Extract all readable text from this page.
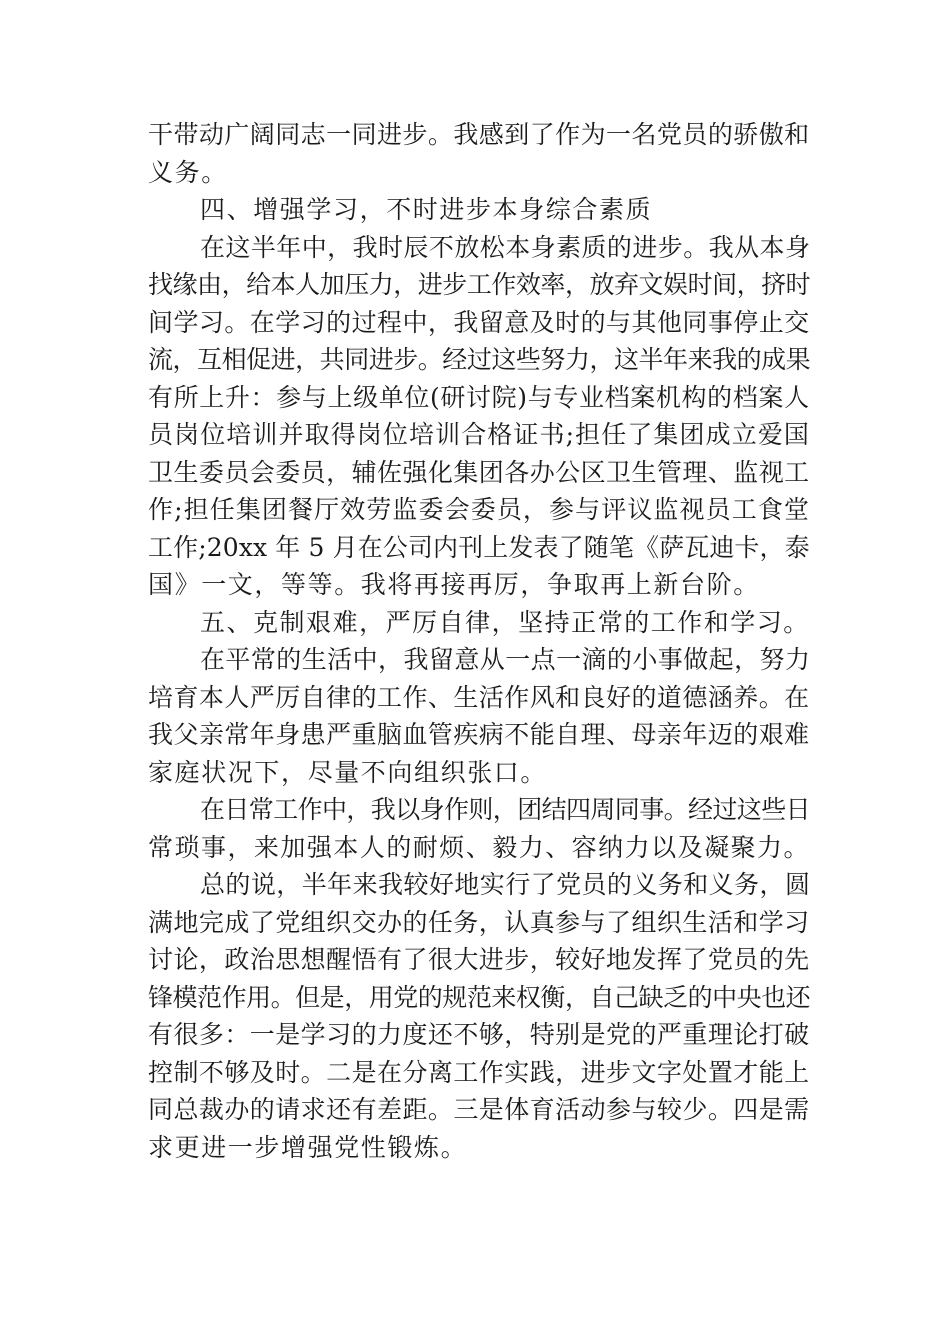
干带动广阔同志一同进步。我感到了作为一名党员的骄傲和
义务。
四、增强学习，不时进步本身综合素质
在这半年中，我时辰不放松本身素质的进步。我从本身
找缘由，给本人加压力，进步工作效率，放弃文娱时间，挤时
间学习。在学习的过程中，我留意及时的与其他同事停止交
流，互相促进，共同进步。经过这些努力，这半年来我的成果
有所上升：参与上级单位(研讨院)与专业档案机构的档案人
员岗位培训并取得岗位培训合格证书;担任了集团成立爱国
卫生委员会委员，辅佐强化集团各办公区卫生管理、监视工
作;担任集团餐厅效劳监委会委员，参与评议监视员工食堂
工作;20xx 年 5 月在公司内刊上发表了随笔《萨瓦迪卡，泰
国》一文，等等。我将再接再厉，争取再上新台阶。
五、克制艰难，严厉自律，坚持正常的工作和学习。
在平常的生活中，我留意从一点一滴的小事做起，努力
培育本人严厉自律的工作、生活作风和良好的道德涵养。在
我父亲常年身患严重脑血管疾病不能自理、母亲年迈的艰难
家庭状况下，尽量不向组织张口。
在日常工作中，我以身作则，团结四周同事。经过这些日
常琐事，来加强本人的耐烦、毅力、容纳力以及凝聚力。
总的说，半年来我较好地实行了党员的义务和义务，圆
满地完成了党组织交办的任务，认真参与了组织生活和学习
讨论，政治思想醒悟有了很大进步，较好地发挥了党员的先
锋模范作用。但是，用党的规范来权衡，自己缺乏的中央也还
有很多：一是学习的力度还不够，特别是党的严重理论打破
控制不够及时。二是在分离工作实践，进步文字处置才能上
同总裁办的请求还有差距。三是体育活动参与较少。四是需
求更进一步增强党性锻炼。
